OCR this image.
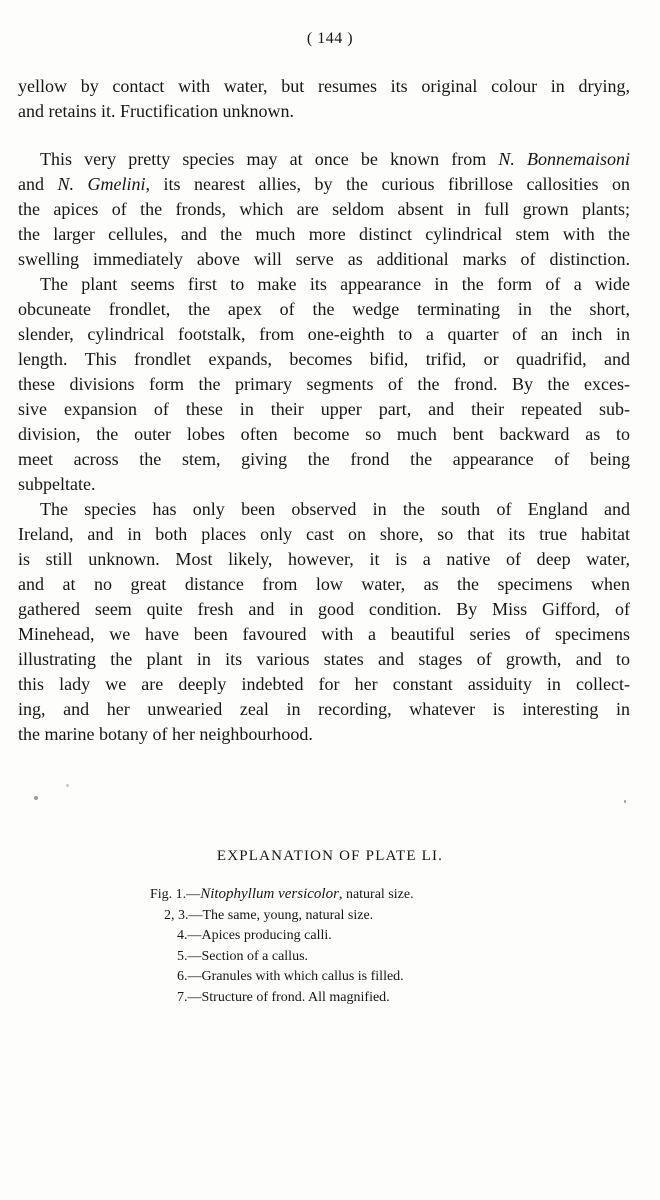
( 144 )
yellow by contact with water, but resumes its original colour in drying,
and retains it. Fructification unknown.
This very pretty species may at once be known from N. Bonnemaisoni
and N. Gmelini, its nearest allies, by the curious fibrillose callosities on
the apices of the fronds, which are seldom absent in full grown plants;
the larger cellules, and the much more distinct cylindrical stem with the
swelling immediately above will serve as additional marks of distinction.
The plant seems first to make its appearance in the form of a wide
obcuneate frondlet, the apex of the wedge terminating in the short,
slender, cylindrical footstalk, from one-eighth to a quarter of an inch in
length. This frondlet expands, becomes bifid, trifid, or quadrifid, and
these divisions form the primary segments of the frond. By the exces-
sive expansion of these in their upper part, and their repeated sub-
division, the outer lobes often become so much bent backward as to
meet across the stem, giving the frond the appearance of being
subpeltate.
The species has only been observed in the south of England and
Ireland, and in both places only cast on shore, so that its true habitat
is still unknown. Most likely, however, it is a native of deep water,
and at no great distance from low water, as the specimens when
gathered seem quite fresh and in good condition. By Miss Gifford, of
Minehead, we have been favoured with a beautiful series of specimens
illustrating the plant in its various states and stages of growth, and to
this lady we are deeply indebted for her constant assiduity in collect-
ing, and her unwearied zeal in recording, whatever is interesting in
the marine botany of her neighbourhood.
EXPLANATION OF PLATE LI.
Fig. 1.—Nitophyllum versicolor, natural size.
2, 3.—The same, young, natural size.
4.—Apices producing calli.
5.—Section of a callus.
6.—Granules with which callus is filled.
7.—Structure of frond. All magnified.
